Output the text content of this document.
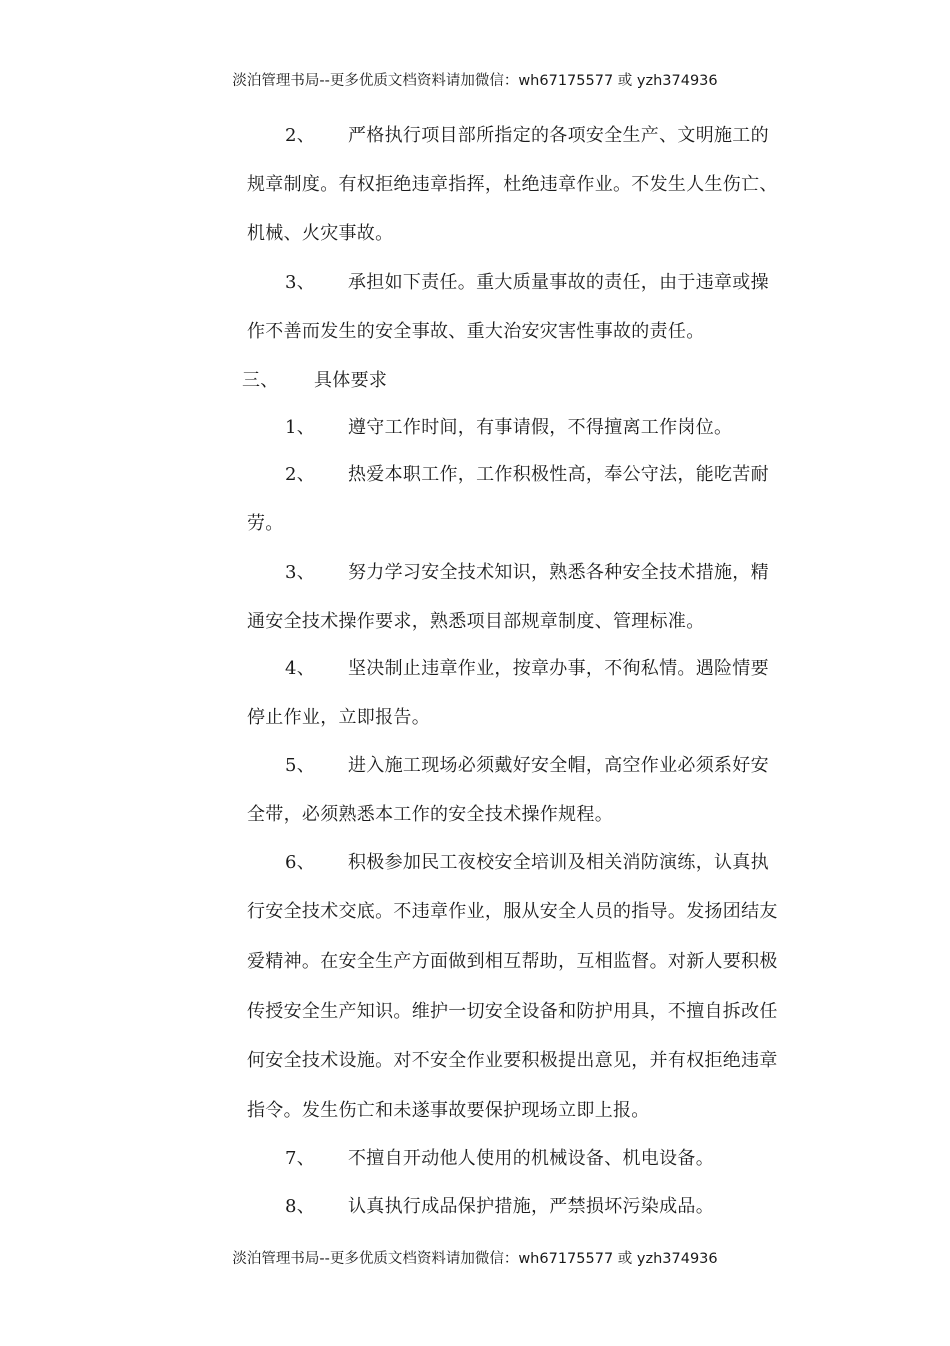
淡泊管理书局--更多优质文档资料请加微信：wh67175577 或 yzh374936
2、 严格执行项目部所指定的各项安全生产、文明施工的
规章制度。有权拒绝违章指挥，杜绝违章作业。不发生人生伤亡、
机械、火灾事故。
3、 承担如下责任。重大质量事故的责任，由于违章或操
作不善而发生的安全事故、重大治安灾害性事故的责任。
三、 具体要求
1、 遵守工作时间，有事请假，不得擅离工作岗位。
2、 热爱本职工作，工作积极性高，奉公守法，能吃苦耐
劳。
3、 努力学习安全技术知识，熟悉各种安全技术措施，精
通安全技术操作要求，熟悉项目部规章制度、管理标准。
4、 坚决制止违章作业，按章办事，不徇私情。遇险情要
停止作业，立即报告。
5、 进入施工现场必须戴好安全帽，高空作业必须系好安
全带，必须熟悉本工作的安全技术操作规程。
6、 积极参加民工夜校安全培训及相关消防演练，认真执
行安全技术交底。不违章作业，服从安全人员的指导。发扬团结友
爱精神。在安全生产方面做到相互帮助，互相监督。对新人要积极
传授安全生产知识。维护一切安全设备和防护用具，不擅自拆改任
何安全技术设施。对不安全作业要积极提出意见，并有权拒绝违章
指令。发生伤亡和未遂事故要保护现场立即上报。
7、 不擅自开动他人使用的机械设备、机电设备。
8、 认真执行成品保护措施，严禁损坏污染成品。
淡泊管理书局--更多优质文档资料请加微信：wh67175577 或 yzh374936
